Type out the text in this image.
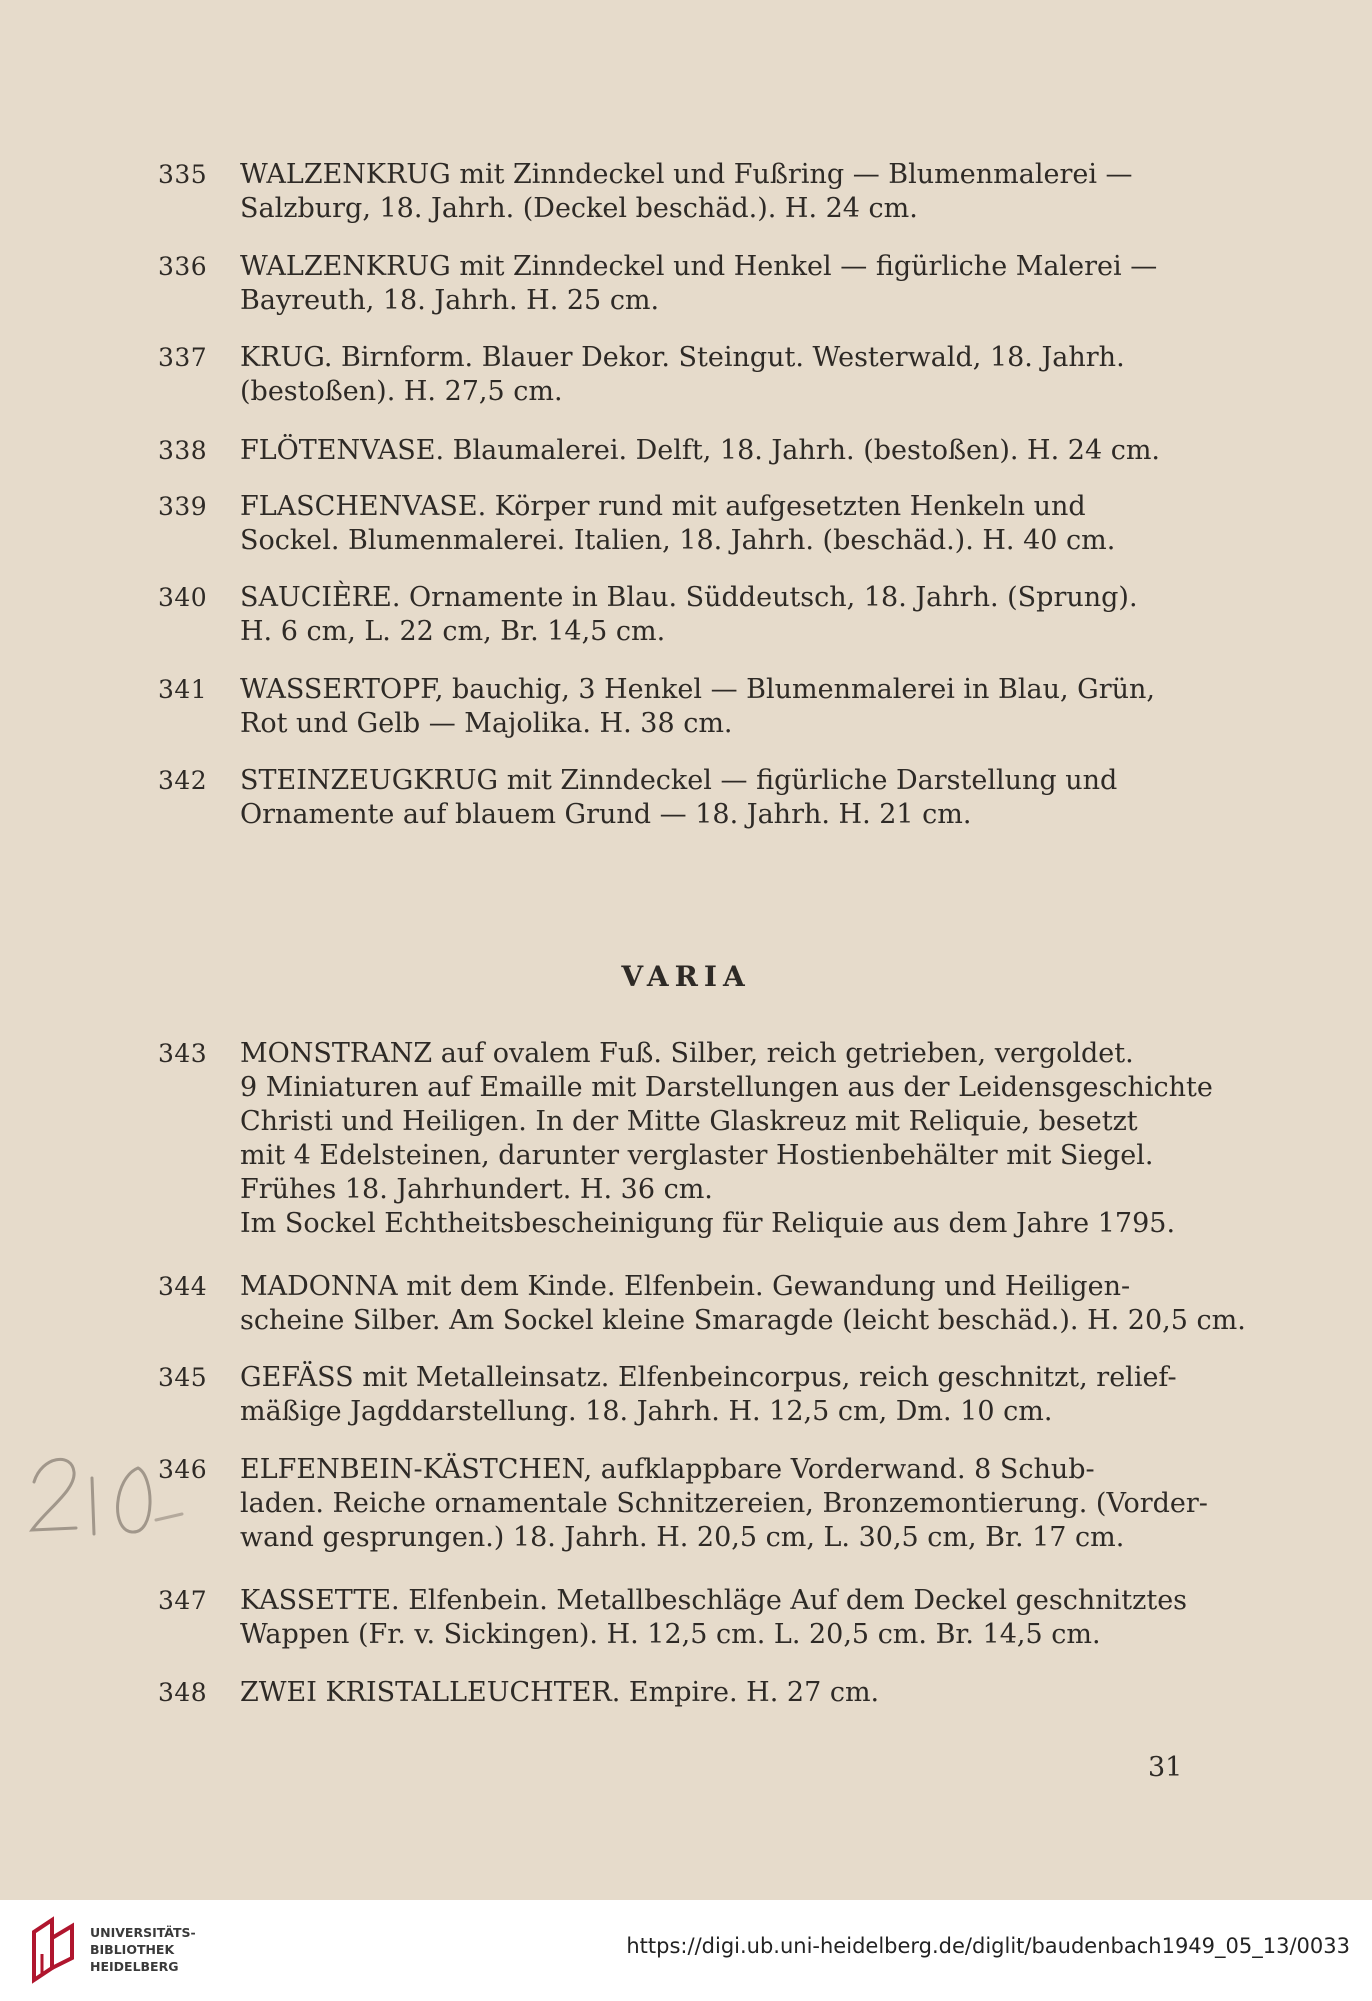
335	WALZENKRUG mit Zinndeckel und Fußring — Blumenmalerei —
Salzburg, 18. Jahrh. (Deckel beschäd.). H. 24 cm.
336	WALZENKRUG mit Zinndeckel und Henkel — figürliche Malerei —
Bayreuth, 18. Jahrh. H. 25 cm.
337	KRUG. Birnform. Blauer Dekor. Steingut. Westerwald, 18. Jahrh.
(bestoßen). H. 27,5 cm.
338	FLÖTENVASE. Blaumalerei. Delft, 18. Jahrh. (bestoßen). H. 24 cm.
339	FLASCHENVASE. Körper rund mit aufgesetzten Henkeln und
Sockel. Blumenmalerei. Italien, 18. Jahrh. (beschäd.). H. 40 cm.
340	SAUCIÈRE. Ornamente in Blau. Süddeutsch, 18. Jahrh. (Sprung).
H. 6 cm, L. 22 cm, Br. 14,5 cm.
341	WASSERTOPF, bauchig, 3 Henkel — Blumenmalerei in Blau, Grün,
Rot und Gelb — Majolika. H. 38 cm.
342	STEINZEUGKRUG mit Zinndeckel — figürliche Darstellung und
Ornamente auf blauem Grund — 18. Jahrh. H. 21 cm.
VARIA
343	MONSTRANZ auf ovalem Fuß. Silber, reich getrieben, vergoldet.
9 Miniaturen auf Emaille mit Darstellungen aus der Leidensgeschichte
Christi und Heiligen. In der Mitte Glaskreuz mit Reliquie, besetzt
mit 4 Edelsteinen, darunter verglaster Hostienbehälter mit Siegel.
Frühes 18. Jahrhundert. H. 36 cm.
Im Sockel Echtheitsbescheinigung für Reliquie aus dem Jahre 1795.
344	MADONNA mit dem Kinde. Elfenbein. Gewandung und Heiligen-
scheine Silber. Am Sockel kleine Smaragde (leicht beschäd.). H. 20,5 cm.
345	GEFÄSS mit Metalleinsatz. Elfenbeincorpus, reich geschnitzt, relief-
mäßige Jagddarstellung. 18. Jahrh. H. 12,5 cm, Dm. 10 cm.
346	ELFENBEIN-KÄSTCHEN, aufklappbare Vorderwand. 8 Schub-
laden. Reiche ornamentale Schnitzereien, Bronzemontierung. (Vorder-
wand gesprungen.) 18. Jahrh. H. 20,5 cm, L. 30,5 cm, Br. 17 cm.
347	KASSETTE. Elfenbein. Metallbeschläge Auf dem Deckel geschnitztes
Wappen (Fr. v. Sickingen). H. 12,5 cm. L. 20,5 cm. Br. 14,5 cm.
348	ZWEI KRISTALLEUCHTER. Empire. H. 27 cm.
31
UNIVERSITÄTS-
BIBLIOTHEK
HEIDELBERG
https://digi.ub.uni-heidelberg.de/diglit/baudenbach1949_05_13/0033
